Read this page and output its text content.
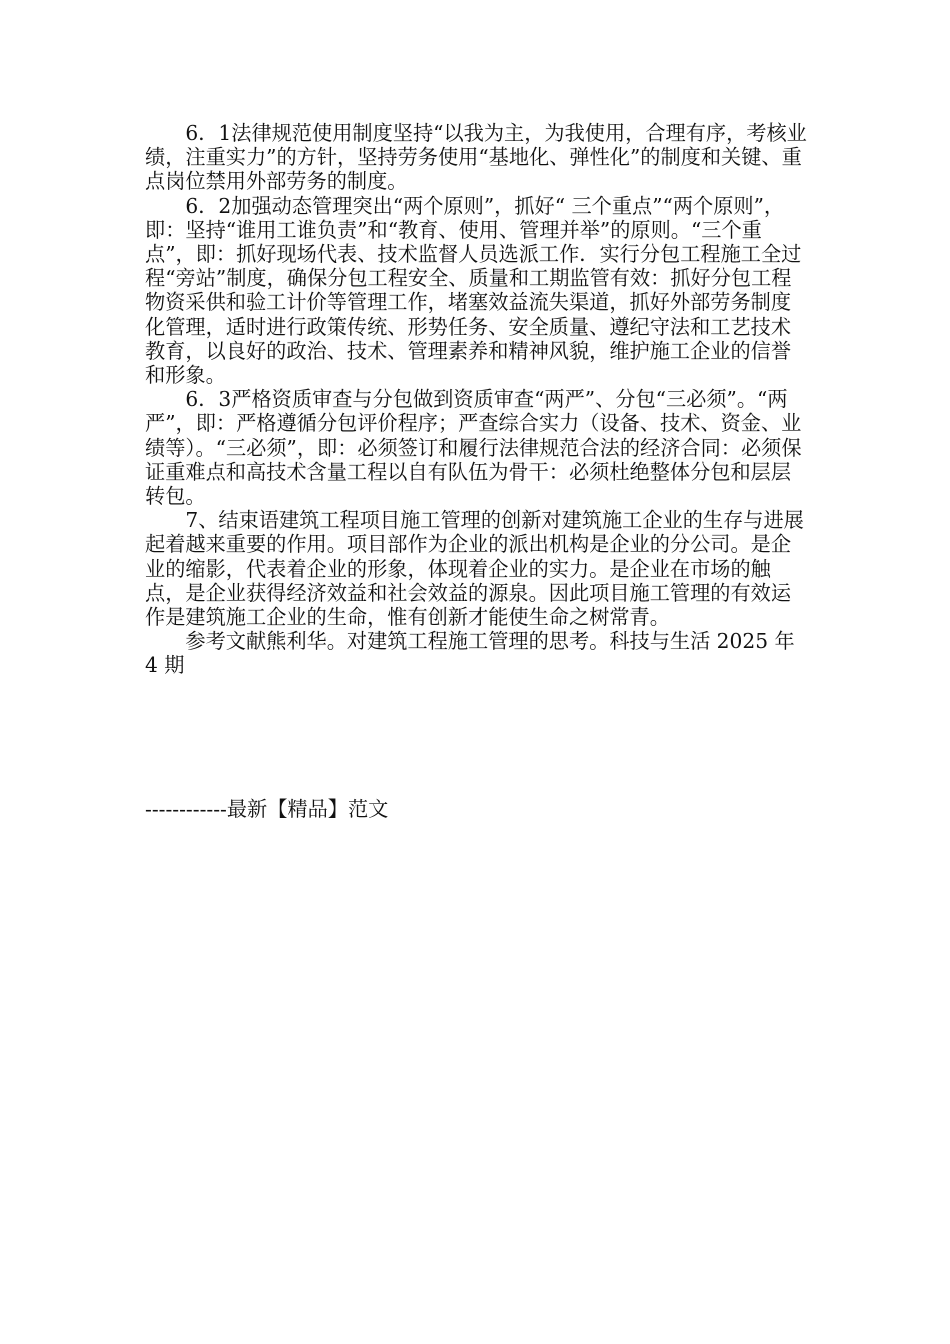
6．1法律规范使用制度坚持“以我为主，为我使用，合理有序，考核业绩，注重实力”的方针，坚持劳务使用“基地化、弹性化”的制度和关键、重点岗位禁用外部劳务的制度。

6．2加强动态管理突出“两个原则”，抓好“ 三个重点”“两个原则”，即：坚持“谁用工谁负责”和“教育、使用、管理并举”的原则。“三个重点”，即：抓好现场代表、技术监督人员选派工作．实行分包工程施工全过程“旁站”制度，确保分包工程安全、质量和工期监管有效：抓好分包工程物资采供和验工计价等管理工作，堵塞效益流失渠道，抓好外部劳务制度化管理，适时进行政策传统、形势任务、安全质量、遵纪守法和工艺技术教育，以良好的政治、技术、管理素养和精神风貌，维护施工企业的信誉和形象。

6．3严格资质审查与分包做到资质审查“两严”、分包“三必须”。“两严”，即：严格遵循分包评价程序；严查综合实力（设备、技术、资金、业绩等）。“三必须”，即：必须签订和履行法律规范合法的经济合同：必须保证重难点和高技术含量工程以自有队伍为骨干：必须杜绝整体分包和层层转包。

7、结束语建筑工程项目施工管理的创新对建筑施工企业的生存与进展起着越来重要的作用。项目部作为企业的派出机构是企业的分公司。是企业的缩影，代表着企业的形象，体现着企业的实力。是企业在市场的触点，是企业获得经济效益和社会效益的源泉。因此项目施工管理的有效运作是建筑施工企业的生命，惟有创新才能使生命之树常青。

参考文献熊利华。对建筑工程施工管理的思考。科技与生活 2025 年 4 期

------------最新【精品】范文
